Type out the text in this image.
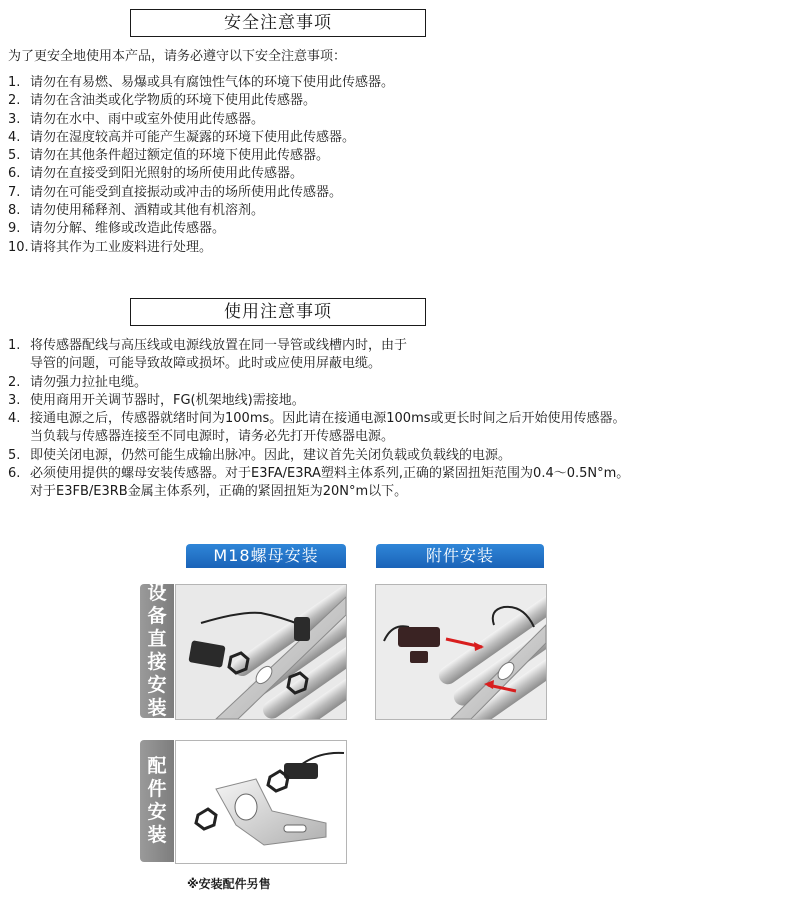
安全注意事项
为了更安全地使用本产品，请务必遵守以下安全注意事项：
1. 请勿在有易燃、易爆或具有腐蚀性气体的环境下使用此传感器。
2. 请勿在含油类或化学物质的环境下使用此传感器。
3. 请勿在水中、雨中或室外使用此传感器。
4. 请勿在湿度较高并可能产生凝露的环境下使用此传感器。
5. 请勿在其他条件超过额定值的环境下使用此传感器。
6. 请勿在直接受到阳光照射的场所使用此传感器。
7. 请勿在可能受到直接振动或冲击的场所使用此传感器。
8. 请勿使用稀释剂、酒精或其他有机溶剂。
9. 请勿分解、维修或改造此传感器。
10.请将其作为工业废料进行处理。
使用注意事项
1. 将传感器配线与高压线或电源线放置在同一导管或线槽内时，由于
导管的问题，可能导致故障或损坏。此时或应使用屏蔽电缆。
2. 请勿强力拉扯电缆。
3. 使用商用开关调节器时，FG(机架地线)需接地。
4. 接通电源之后，传感器就绪时间为100ms。因此请在接通电源100ms或更长时间之后开始使用传感器。
当负载与传感器连接至不同电源时，请务必先打开传感器电源。
5. 即使关闭电源，仍然可能生成输出脉冲。因此，建议首先关闭负载或负载线的电源。
6. 必须使用提供的螺母安装传感器。对于E3FA/E3RA塑料主体系列,正确的紧固扭矩范围为0.4～0.5N°m。
对于E3FB/E3RB金属主体系列，正确的紧固扭矩为20N°m以下。
M18螺母安装	附件安装
设
备
直
接
安
装
配
件
安
装
※安装配件另售
